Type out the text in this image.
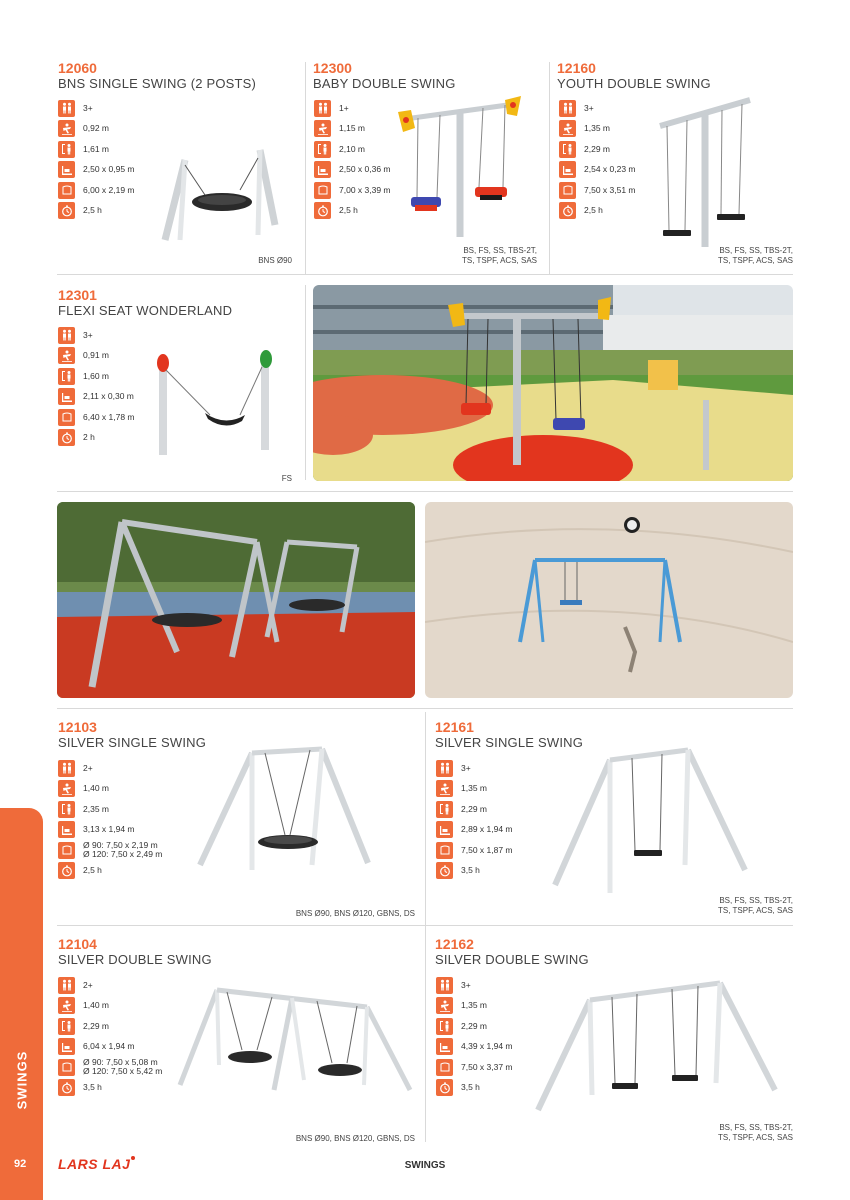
SWINGS
92 LARS LAJ	SWINGS
12060
BNS SINGLE SWING (2 POSTS)
3+
0,92 m
1,61 m
2,50 x 0,95 m
6,00 x 2,19 m
2,5 h
BNS Ø90
12300
BABY DOUBLE SWING
1+
1,15 m
2,10 m
2,50 x 0,36 m
7,00 x 3,39 m
2,5 h
BS, FS, SS, TBS-2T,
TS, TSPF, ACS, SAS
12160
YOUTH DOUBLE SWING
3+
1,35 m
2,29 m
2,54 x 0,23 m
7,50 x 3,51 m
2,5 h
BS, FS, SS, TBS-2T,
TS, TSPF, ACS, SAS
12301
FLEXI SEAT WONDERLAND
3+
0,91 m
1,60 m
2,11 x 0,30 m
6,40 x 1,78 m
2 h
FS
12103
SILVER SINGLE SWING
2+
1,40 m
2,35 m
3,13 x 1,94 m
Ø 90: 7,50 x 2,19 m
Ø 120: 7,50 x 2,49 m
2,5 h
BNS Ø90, BNS Ø120, GBNS, DS
12161
SILVER SINGLE SWING
3+
1,35 m
2,29 m
2,89 x 1,94 m
7,50 x 1,87 m
3,5 h
BS, FS, SS, TBS-2T,
TS, TSPF, ACS, SAS
12104
SILVER DOUBLE SWING
2+
1,40 m
2,29 m
6,04 x 1,94 m
Ø 90: 7,50 x 5,08 m
Ø 120: 7,50 x 5,42 m
3,5 h
BNS Ø90, BNS Ø120, GBNS, DS
12162
SILVER DOUBLE SWING
3+
1,35 m
2,29 m
4,39 x 1,94 m
7,50 x 3,37 m
3,5 h
BS, FS, SS, TBS-2T,
TS, TSPF, ACS, SAS
